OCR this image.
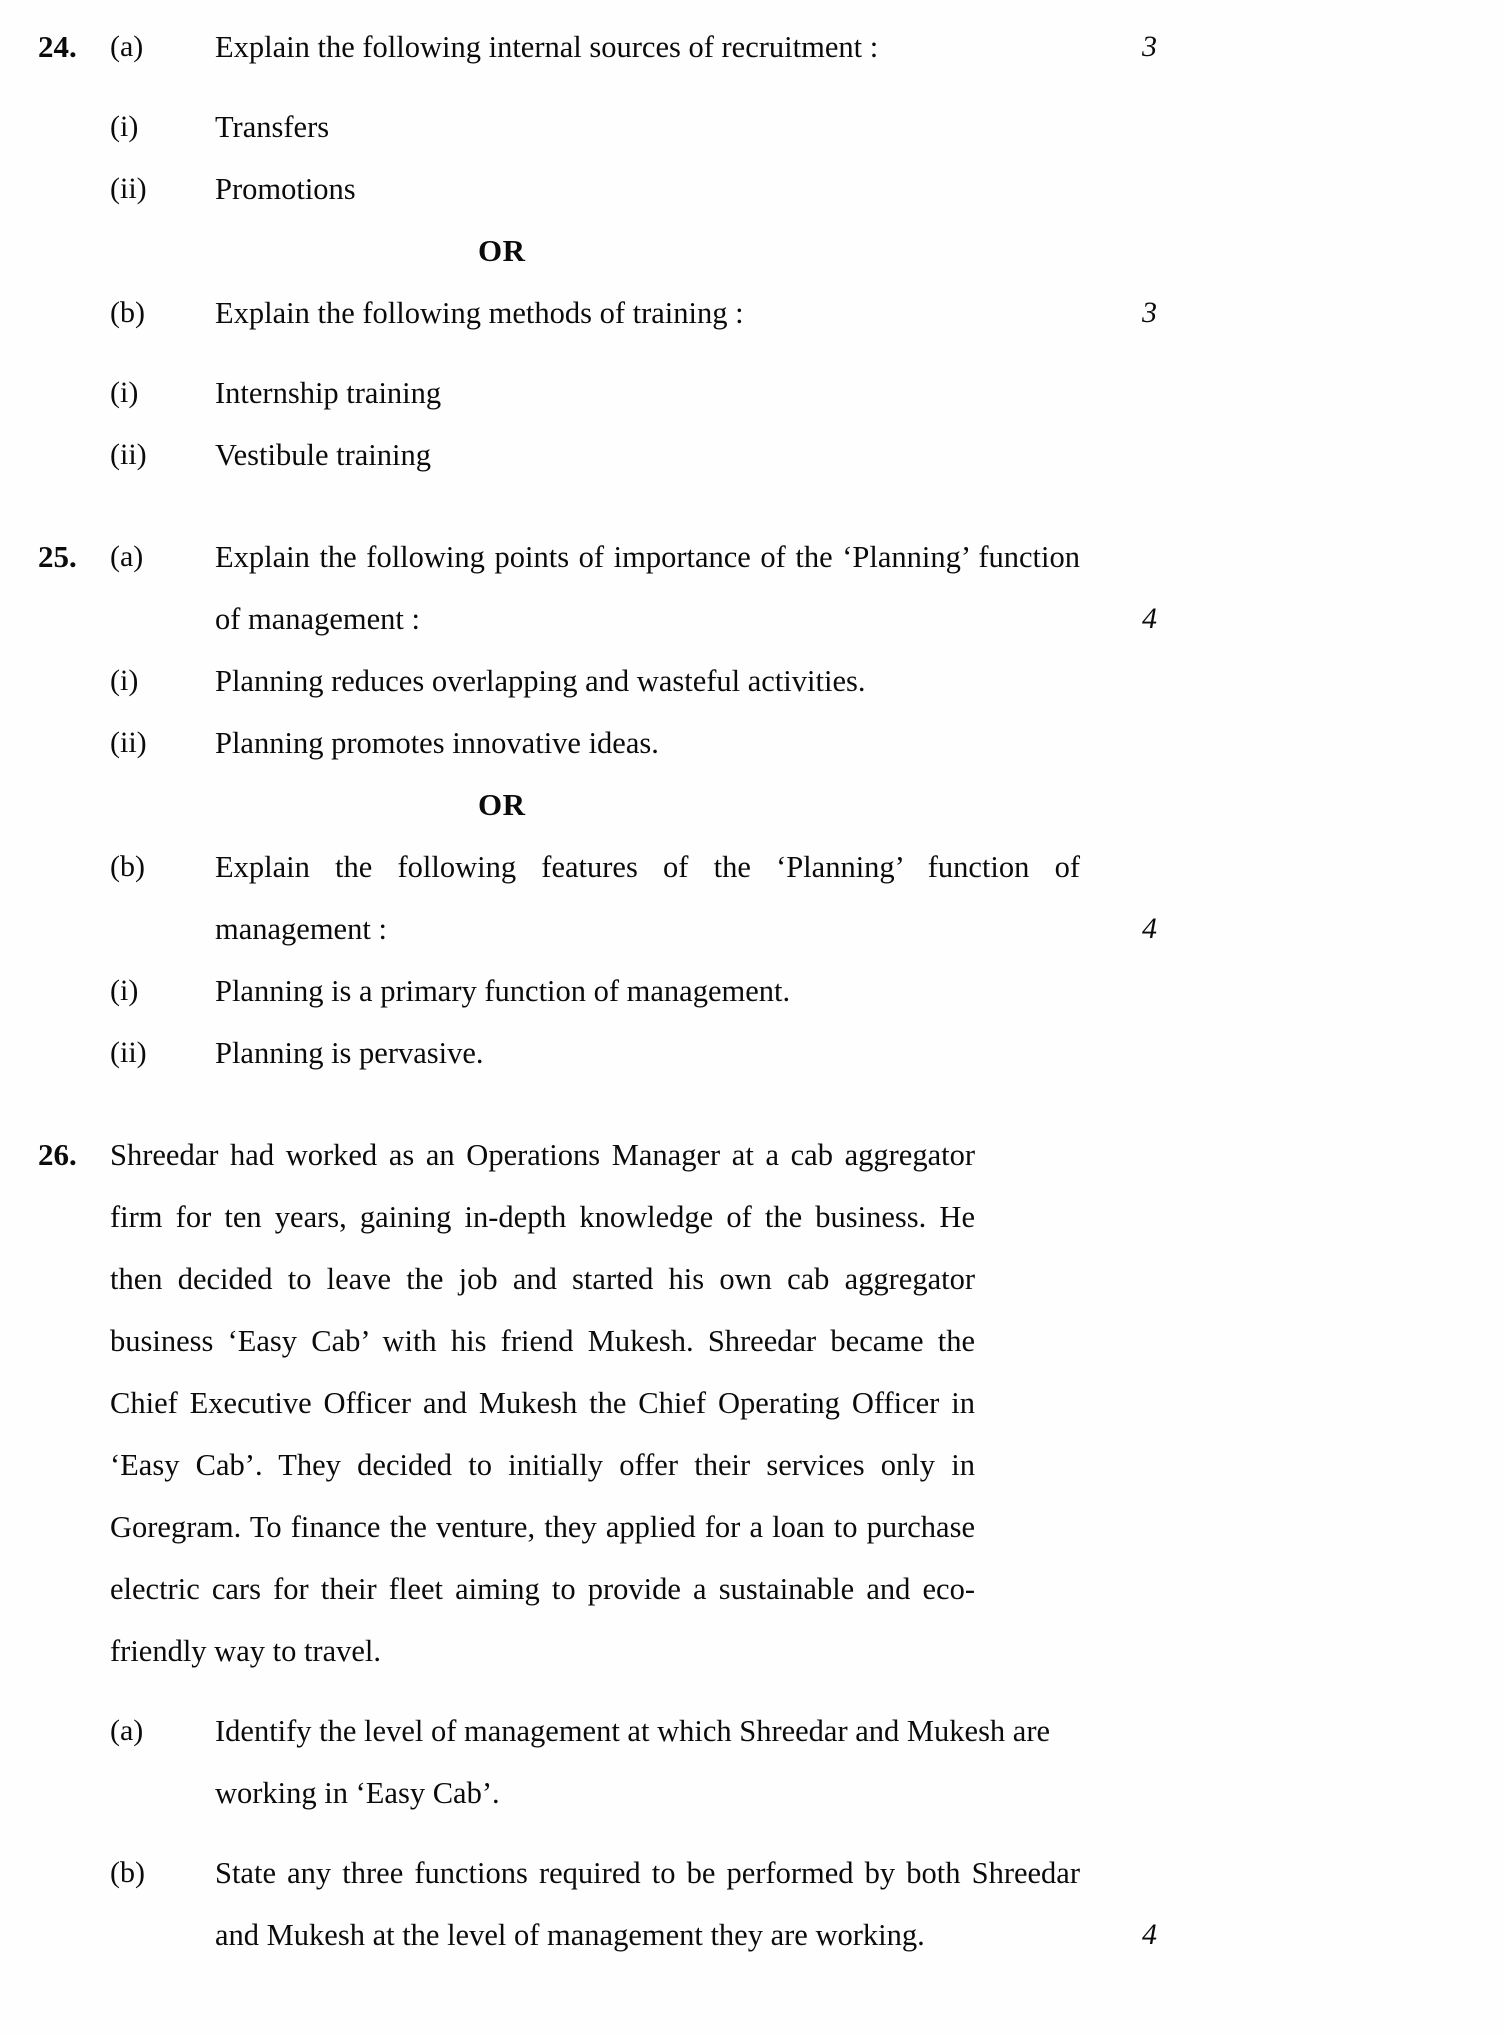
24.	(a)	Explain the following internal sources of recruitment :	3
(i)	Transfers
(ii)	Promotions
OR
(b)	Explain the following methods of training :	3
(i)	Internship training
(ii)	Vestibule training
25.	(a)	Explain the following points of importance of the ‘Planning’ function of management :	4
(i)	Planning reduces overlapping and wasteful activities.
(ii)	Planning promotes innovative ideas.
OR
(b)	Explain the following features of the ‘Planning’ function of management :	4
(i)	Planning is a primary function of management.
(ii)	Planning is pervasive.
26.	Shreedar had worked as an Operations Manager at a cab aggregator firm for ten years, gaining in-depth knowledge of the business. He then decided to leave the job and started his own cab aggregator business ‘Easy Cab’ with his friend Mukesh. Shreedar became the Chief Executive Officer and Mukesh the Chief Operating Officer in ‘Easy Cab’. They decided to initially offer their services only in Goregram. To finance the venture, they applied for a loan to purchase electric cars for their fleet aiming to provide a sustainable and eco-friendly way to travel.
(a)	Identify the level of management at which Shreedar and Mukesh are working in ‘Easy Cab’.
(b)	State any three functions required to be performed by both Shreedar and Mukesh at the level of management they are working.	4
